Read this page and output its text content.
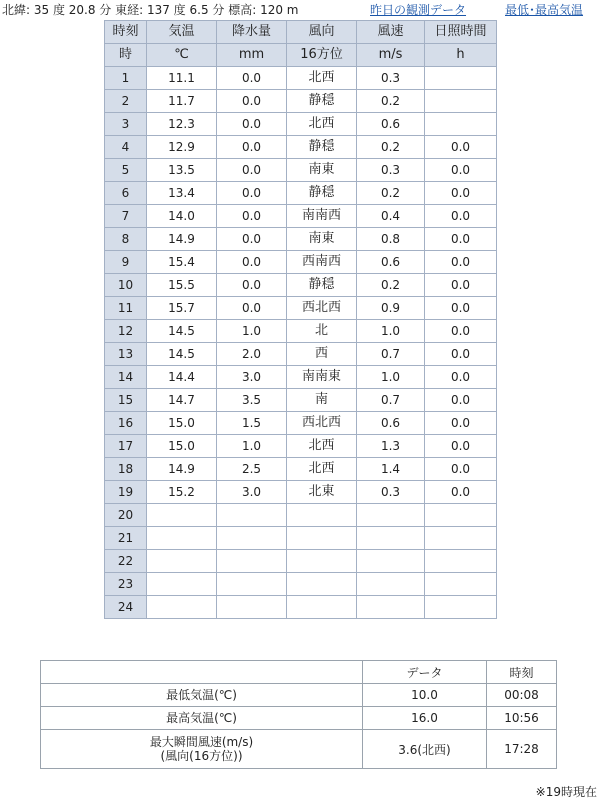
北緯: 35 度 20.8 分 東経: 137 度 6.5 分 標高: 120 m	昨日の観測データ	最低･最高気温
時刻	気温	降水量	風向	風速	日照時間
時	℃	mm	16方位	m/s	h
1	11.1	0.0	北西	0.3	
2	11.7	0.0	静穏	0.2	
3	12.3	0.0	北西	0.6	
4	12.9	0.0	静穏	0.2	0.0
5	13.5	0.0	南東	0.3	0.0
6	13.4	0.0	静穏	0.2	0.0
7	14.0	0.0	南南西	0.4	0.0
8	14.9	0.0	南東	0.8	0.0
9	15.4	0.0	西南西	0.6	0.0
10	15.5	0.0	静穏	0.2	0.0
11	15.7	0.0	西北西	0.9	0.0
12	14.5	1.0	北	1.0	0.0
13	14.5	2.0	西	0.7	0.0
14	14.4	3.0	南南東	1.0	0.0
15	14.7	3.5	南	0.7	0.0
16	15.0	1.5	西北西	0.6	0.0
17	15.0	1.0	北西	1.3	0.0
18	14.9	2.5	北西	1.4	0.0
19	15.2	3.0	北東	0.3	0.0
20					
21					
22					
23					
24					
	データ	時刻
最低気温(℃)	10.0	00:08
最高気温(℃)	16.0	10:56
最大瞬間風速(m/s)
(風向(16方位))	3.6(北西)	17:28
※19時現在
